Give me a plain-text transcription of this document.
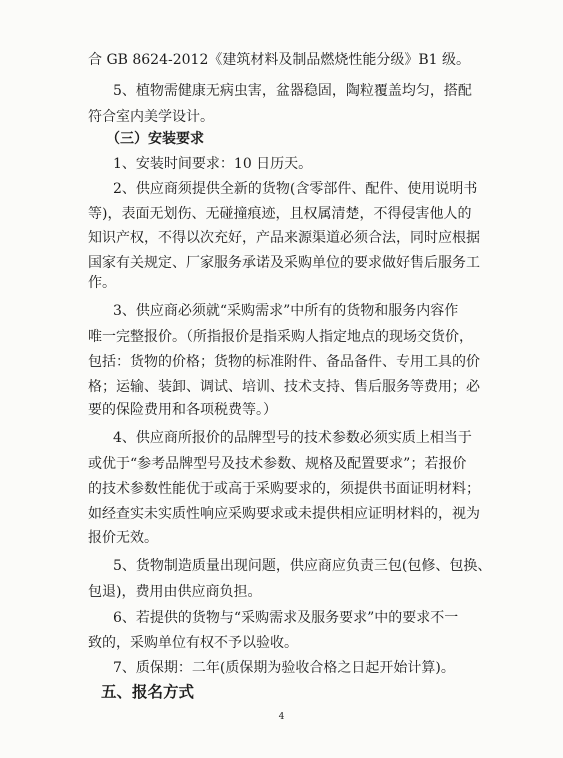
合 GB 8624-2012《建筑材料及制品燃烧性能分级》B1 级。
5、植物需健康无病虫害，盆器稳固，陶粒覆盖均匀，搭配
符合室内美学设计。
（三）安装要求
1、安装时间要求：10 日历天。
2、供应商须提供全新的货物(含零部件、配件、使用说明书
等)，表面无划伤、无碰撞痕迹，且权属清楚，不得侵害他人的
知识产权，不得以次充好，产品来源渠道必须合法，同时应根据
国家有关规定、厂家服务承诺及采购单位的要求做好售后服务工
作。
3、供应商必须就“采购需求”中所有的货物和服务内容作
唯一完整报价。（所指报价是指采购人指定地点的现场交货价，
包括：货物的价格；货物的标准附件、备品备件、专用工具的价
格；运输、装卸、调试、培训、技术支持、售后服务等费用；必
要的保险费用和各项税费等。）
4、供应商所报价的品牌型号的技术参数必须实质上相当于
或优于“参考品牌型号及技术参数、规格及配置要求”；若报价
的技术参数性能优于或高于采购要求的，须提供书面证明材料；
如经查实未实质性响应采购要求或未提供相应证明材料的，视为
报价无效。
5、货物制造质量出现问题，供应商应负责三包(包修、包换、
包退)，费用由供应商负担。
6、若提供的货物与“采购需求及服务要求”中的要求不一
致的，采购单位有权不予以验收。
7、质保期：二年(质保期为验收合格之日起开始计算)。
五、报名方式
4
